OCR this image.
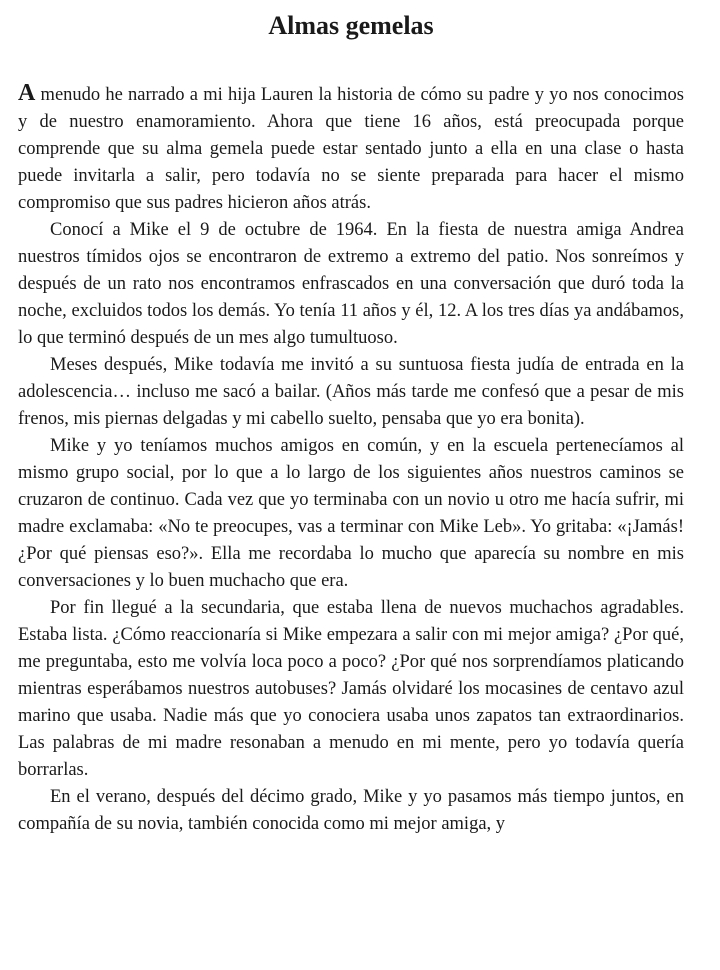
Almas gemelas

A menudo he narrado a mi hija Lauren la historia de cómo su padre y yo nos conocimos y de nuestro enamoramiento. Ahora que tiene 16 años, está preocupada porque comprende que su alma gemela puede estar sentado junto a ella en una clase o hasta puede invitarla a salir, pero todavía no se siente preparada para hacer el mismo compromiso que sus padres hicieron años atrás.

Conocí a Mike el 9 de octubre de 1964. En la fiesta de nuestra amiga Andrea nuestros tímidos ojos se encontraron de extremo a extremo del patio. Nos sonreímos y después de un rato nos encontramos enfrascados en una conversación que duró toda la noche, excluidos todos los demás. Yo tenía 11 años y él, 12. A los tres días ya andábamos, lo que terminó después de un mes algo tumultuoso.

Meses después, Mike todavía me invitó a su suntuosa fiesta judía de entrada en la adolescencia… incluso me sacó a bailar. (Años más tarde me confesó que a pesar de mis frenos, mis piernas delgadas y mi cabello suelto, pensaba que yo era bonita).

Mike y yo teníamos muchos amigos en común, y en la escuela pertenecíamos al mismo grupo social, por lo que a lo largo de los siguientes años nuestros caminos se cruzaron de continuo. Cada vez que yo terminaba con un novio u otro me hacía sufrir, mi madre exclamaba: «No te preocupes, vas a terminar con Mike Leb». Yo gritaba: «¡Jamás! ¿Por qué piensas eso?». Ella me recordaba lo mucho que aparecía su nombre en mis conversaciones y lo buen muchacho que era.

Por fin llegué a la secundaria, que estaba llena de nuevos muchachos agradables. Estaba lista. ¿Cómo reaccionaría si Mike empezara a salir con mi mejor amiga? ¿Por qué, me preguntaba, esto me volvía loca poco a poco? ¿Por qué nos sorprendíamos platicando mientras esperábamos nuestros autobuses? Jamás olvidaré los mocasines de centavo azul marino que usaba. Nadie más que yo conociera usaba unos zapatos tan extraordinarios. Las palabras de mi madre resonaban a menudo en mi mente, pero yo todavía quería borrarlas.

En el verano, después del décimo grado, Mike y yo pasamos más tiempo juntos, en compañía de su novia, también conocida como mi mejor amiga, y
